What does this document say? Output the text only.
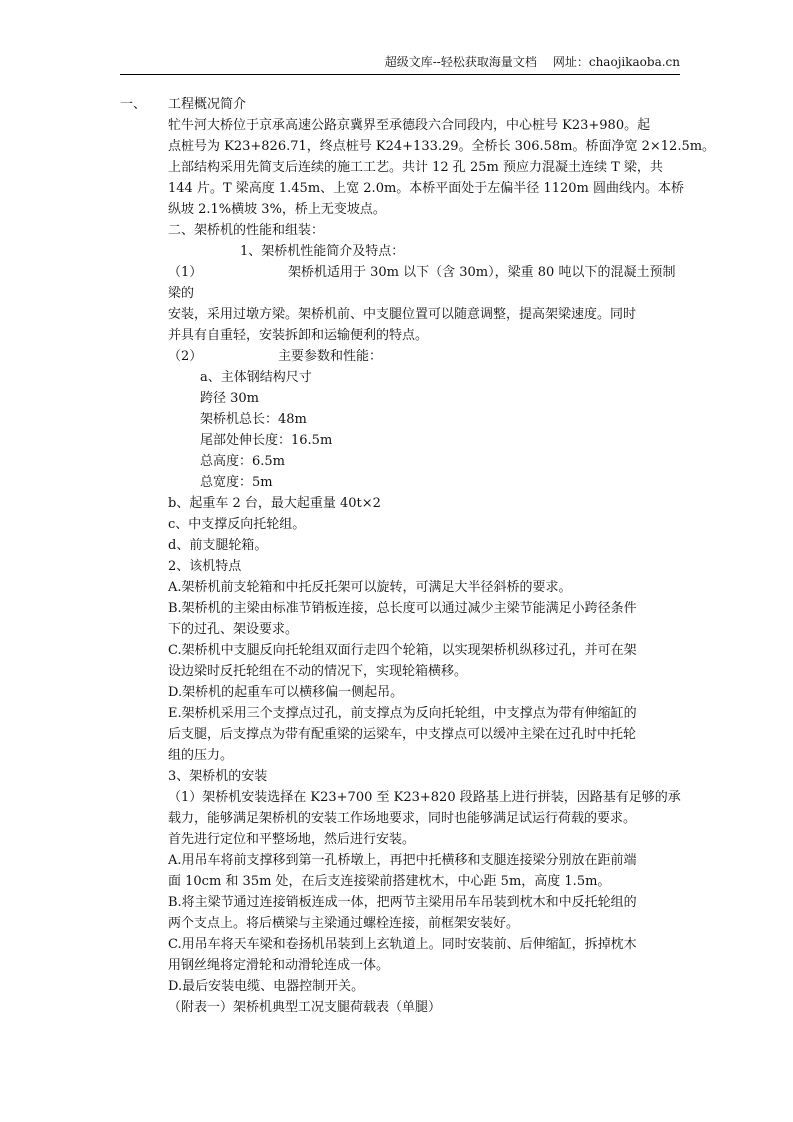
超级文库--轻松获取海量文档 网址：chaojikaoba.cn
一、 工程概况简介
牤牛河大桥位于京承高速公路京冀界至承德段六合同段内，中心桩号 K23+980。起
点桩号为 K23+826.71，终点桩号 K24+133.29。全桥长 306.58m。桥面净宽 2×12.5m。
上部结构采用先简支后连续的施工工艺。共计 12 孔 25m 预应力混凝土连续 T 梁，共
144 片。T 梁高度 1.45m、上宽 2.0m。本桥平面处于左偏半径 1120m 圆曲线内。本桥
纵坡 2.1%横坡 3%，桥上无变坡点。
二、架桥机的性能和组装：
1、架桥机性能简介及特点：
（1）	架桥机适用于 30m 以下（含 30m），梁重 80 吨以下的混凝土预制
梁的
安装，采用过墩方梁。架桥机前、中支腿位置可以随意调整，提高架梁速度。同时
并具有自重轻，安装拆卸和运输便利的特点。
（2）	主要参数和性能：
a、主体钢结构尺寸
跨径 30m
架桥机总长：48m
尾部处伸长度：16.5m
总高度：6.5m
总宽度：5m
b、起重车 2 台，最大起重量 40t×2
c、中支撑反向托轮组。
d、前支腿轮箱。
2、该机特点
A.架桥机前支轮箱和中托反托架可以旋转，可满足大半径斜桥的要求。
B.架桥机的主梁由标准节销板连接，总长度可以通过减少主梁节能满足小跨径条件
下的过孔、架设要求。
C.架桥机中支腿反向托轮组双面行走四个轮箱，以实现架桥机纵移过孔，并可在架
设边梁时反托轮组在不动的情况下，实现轮箱横移。
D.架桥机的起重车可以横移偏一侧起吊。
E.架桥机采用三个支撑点过孔，前支撑点为反向托轮组，中支撑点为带有伸缩缸的
后支腿，后支撑点为带有配重梁的运梁车，中支撑点可以缓冲主梁在过孔时中托轮
组的压力。
3、架桥机的安装
（1）架桥机安装选择在 K23+700 至 K23+820 段路基上进行拼装，因路基有足够的承
载力，能够满足架桥机的安装工作场地要求，同时也能够满足试运行荷载的要求。
首先进行定位和平整场地，然后进行安装。
A.用吊车将前支撑移到第一孔桥墩上，再把中托横移和支腿连接梁分别放在距前端
面 10cm 和 35m 处，在后支连接梁前搭建枕木，中心距 5m，高度 1.5m。
B.将主梁节通过连接销板连成一体，把两节主梁用吊车吊装到枕木和中反托轮组的
两个支点上。将后横梁与主梁通过螺栓连接，前框架安装好。
C.用吊车将天车梁和卷扬机吊装到上玄轨道上。同时安装前、后伸缩缸，拆掉枕木
用钢丝绳将定滑轮和动滑轮连成一体。
D.最后安装电缆、电器控制开关。
（附表一）架桥机典型工况支腿荷载表（单腿）
